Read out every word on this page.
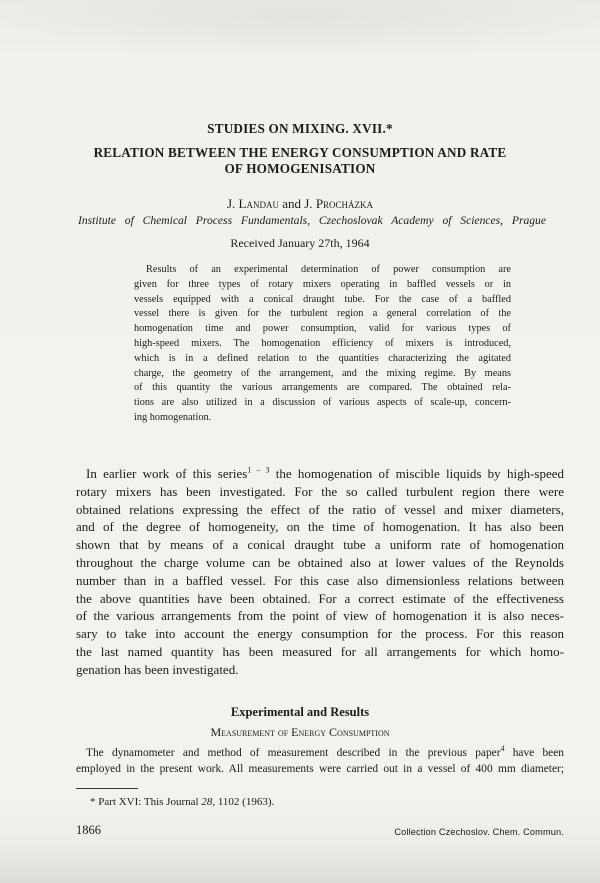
STUDIES ON MIXING. XVII.*
RELATION BETWEEN THE ENERGY CONSUMPTION AND RATE
OF HOMOGENISATION
J. Landau and J. Procházka
Institute of Chemical Process Fundamentals, Czechoslovak Academy of Sciences, Prague
Received January 27th, 1964
Results of an experimental determination of power consumption are
given for three types of rotary mixers operating in baffled vessels or in
vessels equipped with a conical draught tube. For the case of a baffled
vessel there is given for the turbulent region a general correlation of the
homogenation time and power consumption, valid for various types of
high-speed mixers. The homogenation efficiency of mixers is introduced,
which is in a defined relation to the quantities characterizing the agitated
charge, the geometry of the arrangement, and the mixing regime. By means
of this quantity the various arrangements are compared. The obtained rela-
tions are also utilized in a discussion of various aspects of scale-up, concern-
ing homogenation.
In earlier work of this series$^{1 - 3}$ the homogenation of miscible liquids by high-speed
rotary mixers has been investigated. For the so called turbulent region there were
obtained relations expressing the effect of the ratio of vessel and mixer diameters,
and of the degree of homogeneity, on the time of homogenation. It has also been
shown that by means of a conical draught tube a uniform rate of homogenation
throughout the charge volume can be obtained also at lower values of the Reynolds
number than in a baffled vessel. For this case also dimensionless relations between
the above quantities have been obtained. For a correct estimate of the effectiveness
of the various arrangements from the point of view of homogenation it is also neces-
sary to take into account the energy consumption for the process. For this reason
the last named quantity has been measured for all arrangements for which homo-
genation has been investigated.
Experimental and Results
Measurement of Energy Consumption
The dynamometer and method of measurement described in the previous paper$^4$ have been
employed in the present work. All measurements were carried out in a vessel of 400 mm diameter;
* Part XVI: This Journal 28, 1102 (1963).
1866	Collection Czechoslov. Chem. Commun.
